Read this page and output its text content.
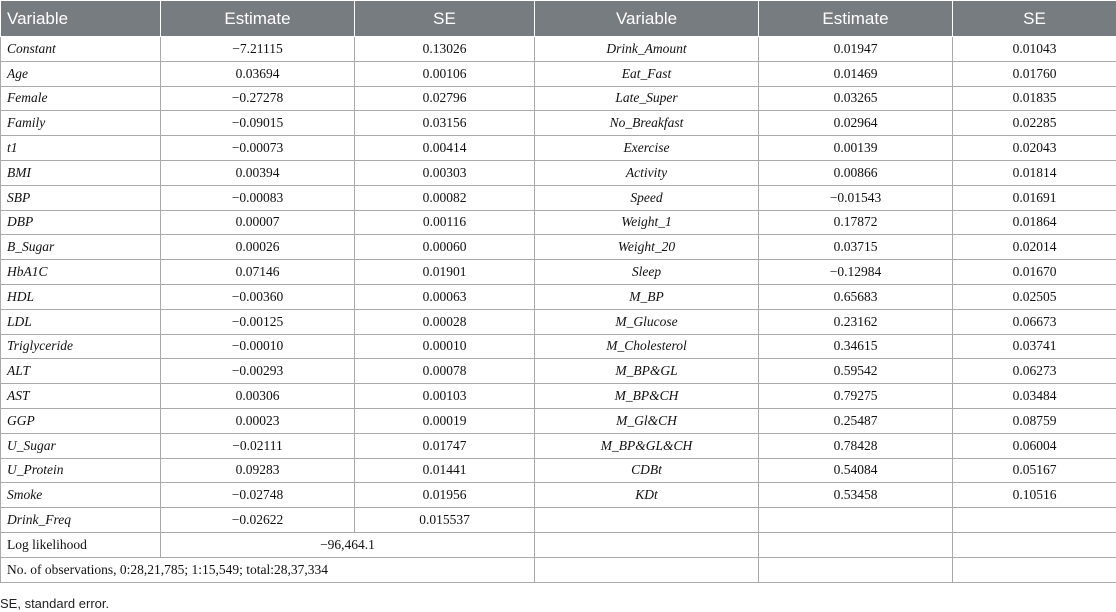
Variable	Estimate	SE	Variable	Estimate	SE
Constant	−7.21115	0.13026	Drink_Amount	0.01947	0.01043
Age	0.03694	0.00106	Eat_Fast	0.01469	0.01760
Female	−0.27278	0.02796	Late_Super	0.03265	0.01835
Family	−0.09015	0.03156	No_Breakfast	0.02964	0.02285
t1	−0.00073	0.00414	Exercise	0.00139	0.02043
BMI	0.00394	0.00303	Activity	0.00866	0.01814
SBP	−0.00083	0.00082	Speed	−0.01543	0.01691
DBP	0.00007	0.00116	Weight_1	0.17872	0.01864
B_Sugar	0.00026	0.00060	Weight_20	0.03715	0.02014
HbA1C	0.07146	0.01901	Sleep	−0.12984	0.01670
HDL	−0.00360	0.00063	M_BP	0.65683	0.02505
LDL	−0.00125	0.00028	M_Glucose	0.23162	0.06673
Triglyceride	−0.00010	0.00010	M_Cholesterol	0.34615	0.03741
ALT	−0.00293	0.00078	M_BP&GL	0.59542	0.06273
AST	0.00306	0.00103	M_BP&CH	0.79275	0.03484
GGP	0.00023	0.00019	M_Gl&CH	0.25487	0.08759
U_Sugar	−0.02111	0.01747	M_BP&GL&CH	0.78428	0.06004
U_Protein	0.09283	0.01441	CDBt	0.54084	0.05167
Smoke	−0.02748	0.01956	KDt	0.53458	0.10516
Drink_Freq	−0.02622	0.015537			
Log likelihood	−96,464.1				
No. of observations, 0:28,21,785; 1:15,549; total:28,37,334					
SE, standard error.
